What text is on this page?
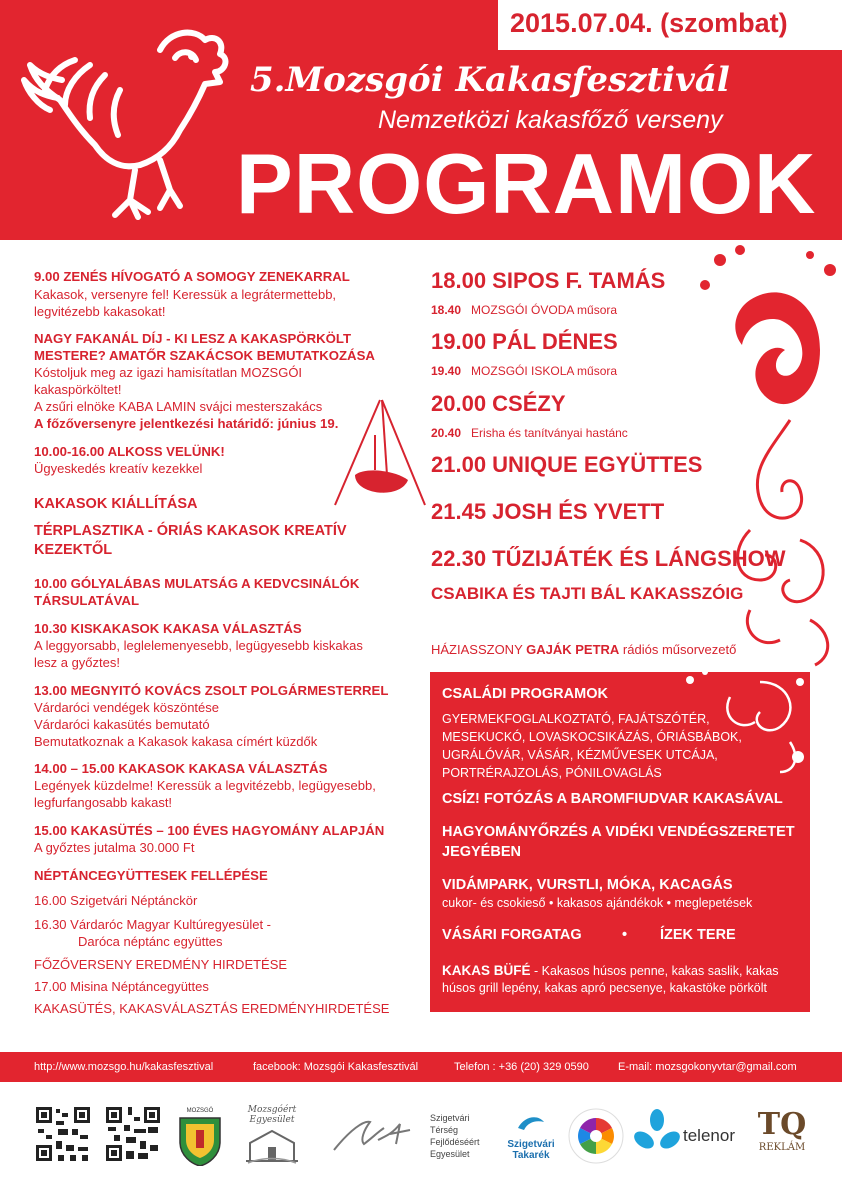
2015.07.04. (szombat)
5.Mozsgói Kakasfesztivál
Nemzetközi kakasfőző verseny
PROGRAMOK
9.00 ZENÉS HÍVOGATÓ A SOMOGY ZENEKARRAL
Kakasok, versenyre fel! Keressük a legrátermettebb,
legvitézebb kakasokat!
NAGY FAKANÁL DÍJ - KI LESZ A KAKASPÖRKÖLT
MESTERE? AMATŐR SZAKÁCSOK BEMUTATKOZÁSA
Kóstoljuk meg az igazi hamisítatlan MOZSGÓI
kakaspörköltet!
A zsűri elnöke KABA LAMIN svájci mesterszakács
A főzőversenyre jelentkezési határidő: június 19.
10.00-16.00 ALKOSS VELÜNK!
Ügyeskedés kreatív kezekkel
KAKASOK KIÁLLÍTÁSA
TÉRPLASZTIKA - ÓRIÁS KAKASOK KREATÍV
KEZEKTŐL
10.00 GÓLYALÁBAS MULATSÁG A KEDVCSINÁLÓK
TÁRSULATÁVAL
10.30 KISKAKASOK KAKASA VÁLASZTÁS
A leggyorsabb, leglelemenyesebb, legügyesebb kiskakas
lesz a győztes!
13.00 MEGNYITÓ KOVÁCS ZSOLT POLGÁRMESTERREL
Várdaróci vendégek köszöntése
Várdaróci kakasütés bemutató
Bemutatkoznak a Kakasok kakasa címért küzdők
14.00 – 15.00 KAKASOK KAKASA VÁLASZTÁS
Legények küzdelme! Keressük a legvitézebb, legügyesebb,
legfurfangosabb kakast!
15.00 KAKASÜTÉS – 100 ÉVES HAGYOMÁNY ALAPJÁN
A győztes jutalma 30.000 Ft
NÉPTÁNCEGYÜTTESEK FELLÉPÉSE
16.00 Szigetvári Néptánckör
16.30 Várdaróc Magyar Kultúregyesület -
Daróca néptánc együttes
FŐZŐVERSENY EREDMÉNY HIRDETÉSE
17.00 Misina Néptáncegyüttes
KAKASÜTÉS, KAKASVÁLASZTÁS EREDMÉNYHIRDETÉSE
18.00 SIPOS F. TAMÁS
18.40 MOZSGÓI ÓVODA műsora
19.00 PÁL DÉNES
19.40 MOZSGÓI ISKOLA műsora
20.00 CSÉZY
20.40 Erisha és tanítványai hastánc
21.00 UNIQUE EGYÜTTES
21.45 JOSH ÉS YVETT
22.30 TŰZIJÁTÉK ÉS LÁNGSHOW
CSABIKA ÉS TAJTI BÁL KAKASSZÓIG
HÁZIASSZONY GAJÁK PETRA rádiós műsorvezető
CSALÁDI PROGRAMOK
GYERMEKFOGLALKOZTATÓ, FAJÁTSZÓTÉR,
MESEKUCKÓ, LOVASKOCSIKÁZÁS, ÓRIÁSBÁBOK,
UGRÁLÓVÁR, VÁSÁR, KÉZMŰVESEK UTCÁJA,
PORTRÉRAJZOLÁS, PÓNILOVAGLÁS
CSÍZ! FOTÓZÁS A BAROMFIUDVAR KAKASÁVAL
HAGYOMÁNYŐRZÉS A VIDÉKI VENDÉGSZERETET
JEGYÉBEN
VIDÁMPARK, VURSTLI, MÓKA, KACAGÁS
cukor- és csokieső • kakasos ajándékok • meglepetések
VÁSÁRI FORGATAG	• ÍZEK TERE
KAKAS BÜFÉ - Kakasos húsos penne, kakas saslik, kakas
húsos grill lepény, kakas apró pecsenye, kakastöke pörkölt
http://www.mozsgo.hu/kakasfesztival	facebook: Mozsgói Kakasfesztivál	Telefon : +36 (20) 329 0590	E-mail: mozsgokonyvtar@gmail.com
MOZSGÓ	Mozsgóért Egyesület	Szigetvári
Térség
Fejlődéséért
Egyesület
Szigetvári
Takarék
telenor TQ
REKLÁM
